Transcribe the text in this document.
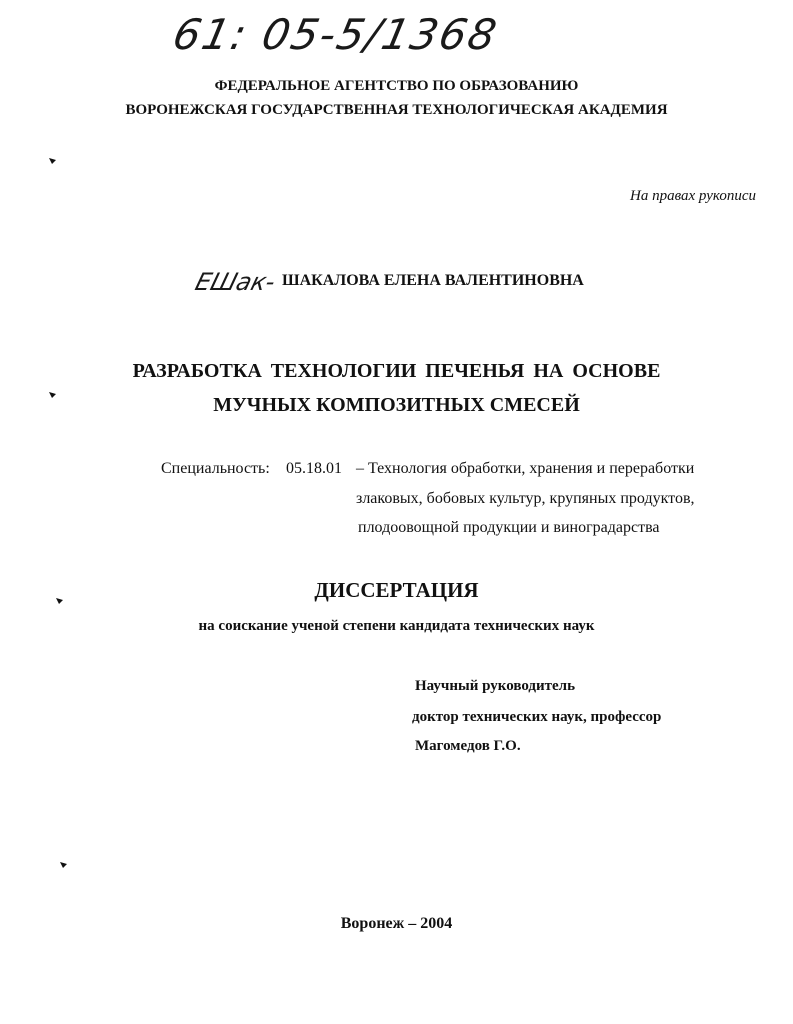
61: 05-5/1368
ФЕДЕРАЛЬНОЕ АГЕНТСТВО ПО ОБРАЗОВАНИЮ
ВОРОНЕЖСКАЯ ГОСУДАРСТВЕННАЯ ТЕХНОЛОГИЧЕСКАЯ АКАДЕМИЯ
На правах рукописи
ЕШак- ШАКАЛОВА ЕЛЕНА ВАЛЕНТИНОВНА
РАЗРАБОТКА ТЕХНОЛОГИИ ПЕЧЕНЬЯ НА ОСНОВЕ
МУЧНЫХ КОМПОЗИТНЫХ СМЕСЕЙ
Специальность: 05.18.01 – Технология обработки, хранения и переработки
злаковых, бобовых культур, крупяных продуктов,
плодоовощной продукции и виноградарства
ДИССЕРТАЦИЯ
на соискание ученой степени кандидата технических наук
Научный руководитель
доктор технических наук, профессор
Магомедов Г.О.
Воронеж – 2004
